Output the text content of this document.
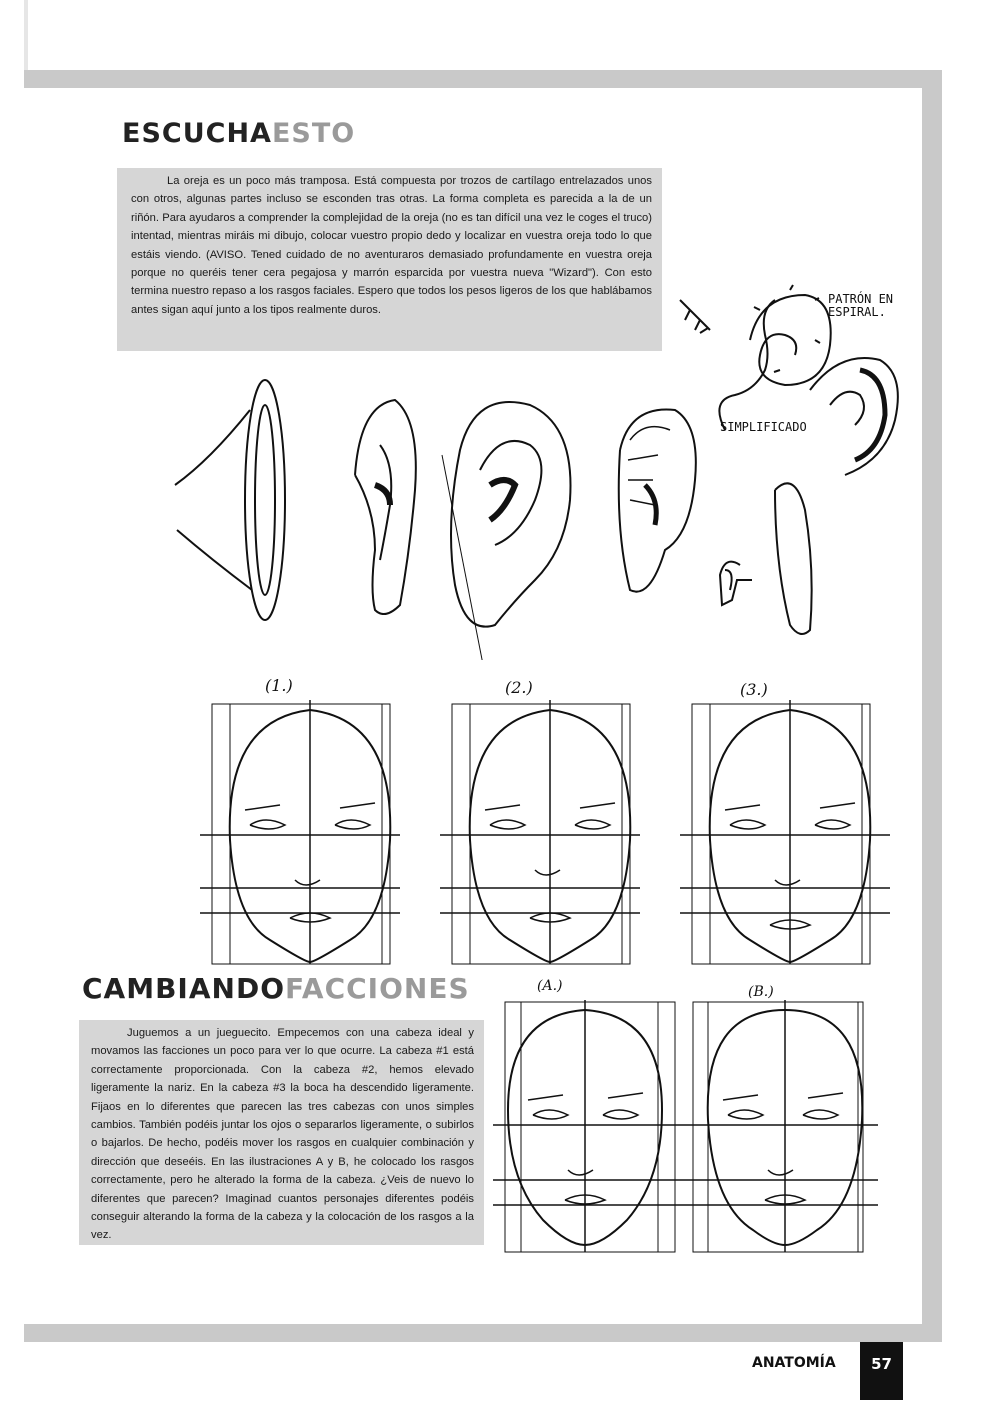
ESCUCHAESTO

La oreja es un poco más tramposa. Está compuesta por trozos de cartílago entrelazados unos con otros, algunas partes incluso se esconden tras otras. La forma completa es parecida a la de un riñón. Para ayudaros a comprender la complejidad de la oreja (no es tan difícil una vez le coges el truco) intentad, mientras miráis mi dibujo, colocar vuestro propio dedo y localizar en vuestra oreja todo lo que estáis viendo. (AVISO. Tened cuidado de no aventuraros demasiado profundamente en vuestra oreja porque no queréis tener cera pegajosa y marrón esparcida por vuestra nueva "Wizard"). Con esto termina nuestro repaso a los rasgos faciales. Espero que todos los pesos ligeros de los que hablábamos antes sigan aquí junto a los tipos realmente duros.

PATRÓN EN ESPIRAL.
SIMPLIFICADO
(1.)	(2.)	(3.)
CAMBIANDOFACCIONES

Juguemos a un jueguecito. Empecemos con una cabeza ideal y movamos las facciones un poco para ver lo que ocurre. La cabeza #1 está correctamente proporcionada. Con la cabeza #2, hemos elevado ligeramente la nariz. En la cabeza #3 la boca ha descendido ligeramente. Fijaos en lo diferentes que parecen las tres cabezas con unos simples cambios. También podéis juntar los ojos o separarlos ligeramente, o subirlos o bajarlos. De hecho, podéis mover los rasgos en cualquier combinación y dirección que deseéis. En las ilustraciones A y B, he colocado los rasgos correctamente, pero he alterado la forma de la cabeza. ¿Veis de nuevo lo diferentes que parecen? Imaginad cuantos personajes diferentes podéis conseguir alterando la forma de la cabeza y la colocación de los rasgos a la vez.

(A.)	(B.)
ANATOMÍA	57
